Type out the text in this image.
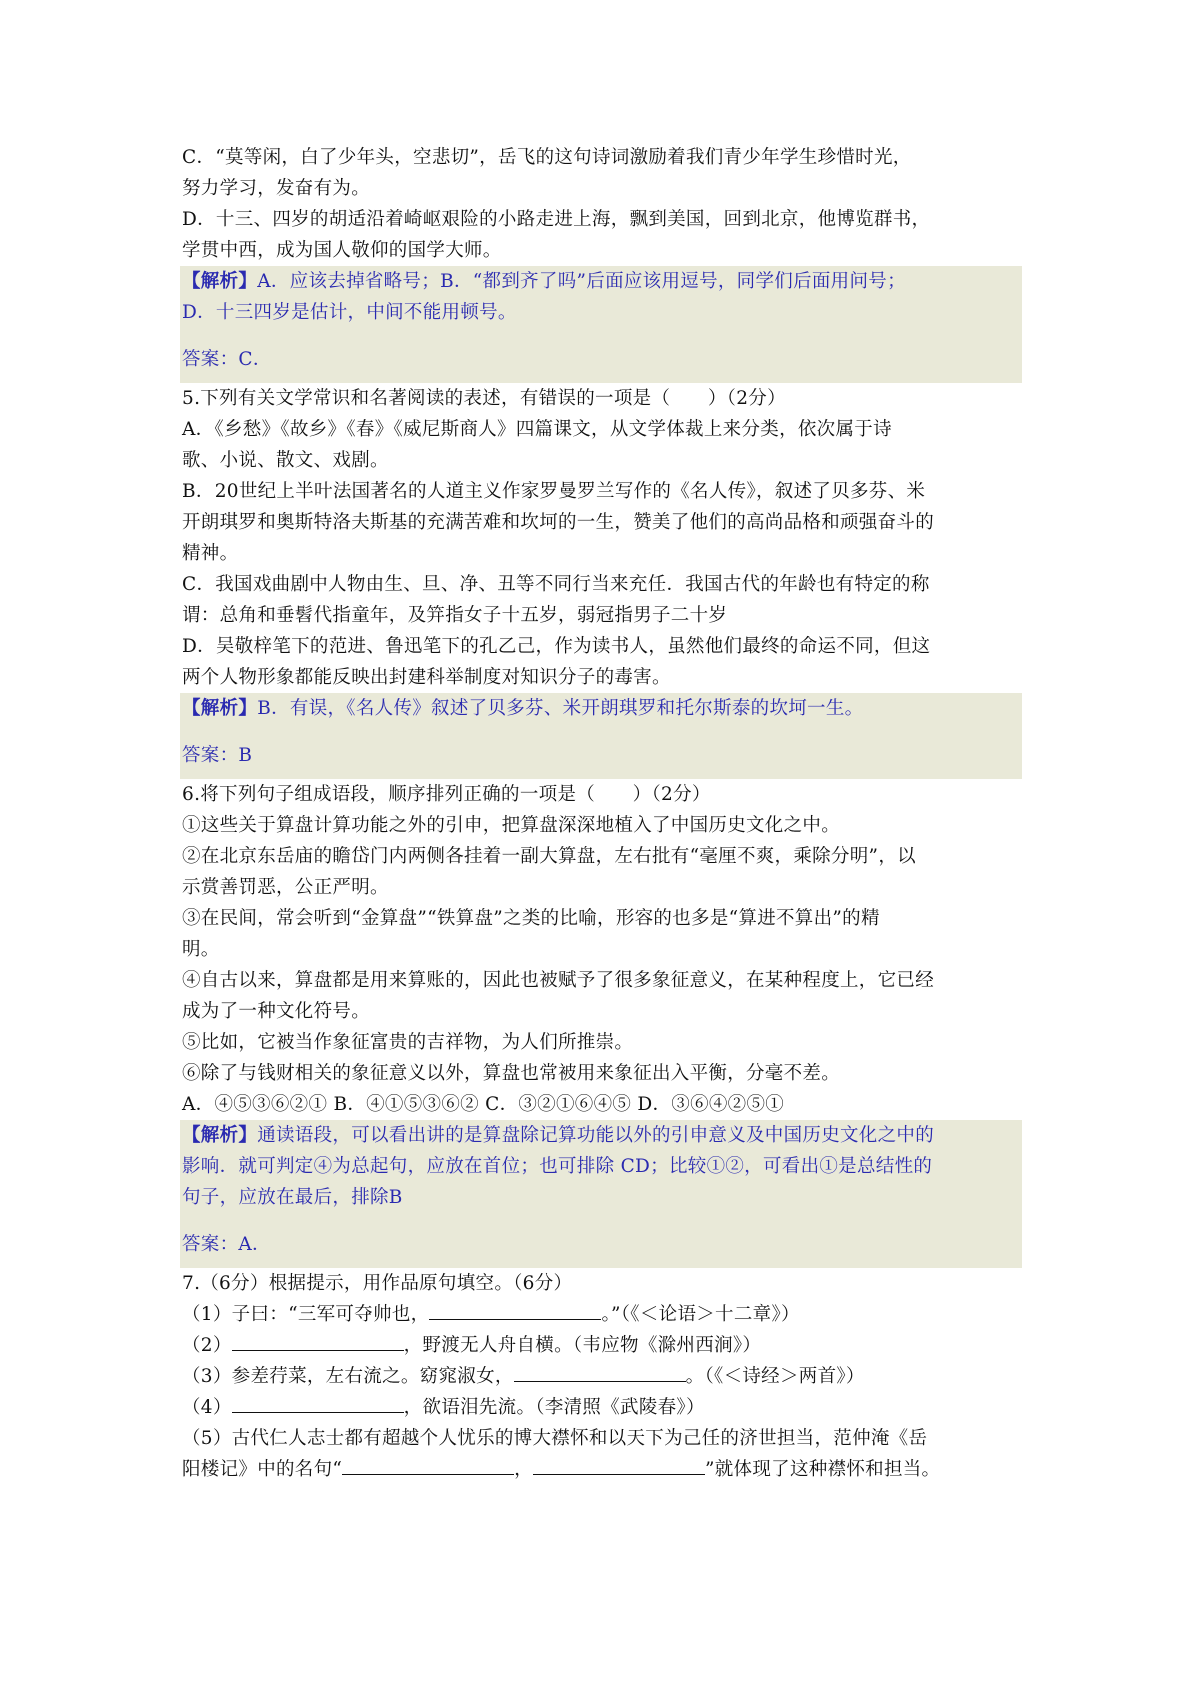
C．“莫等闲，白了少年头，空悲切”，岳飞的这句诗词激励着我们青少年学生珍惜时光，
努力学习，发奋有为。
D．十三、四岁的胡适沿着崎岖艰险的小路走进上海，飘到美国，回到北京，他博览群书，
学贯中西，成为国人敬仰的国学大师。
【解析】A．应该去掉省略号；B．“都到齐了吗”后面应该用逗号，同学们后面用问号；
D．十三四岁是估计，中间不能用顿号。
答案：C．
5.下列有关文学常识和名著阅读的表述，有错误的一项是（　　）（2分）
A．《乡愁》《故乡》《春》《威尼斯商人》四篇课文，从文学体裁上来分类，依次属于诗
歌、小说、散文、戏剧。
B．20世纪上半叶法国著名的人道主义作家罗曼罗兰写作的《名人传》，叙述了贝多芬、米
开朗琪罗和奥斯特洛夫斯基的充满苦难和坎坷的一生，赞美了他们的高尚品格和顽强奋斗的
精神。
C．我国戏曲剧中人物由生、旦、净、丑等不同行当来充任．我国古代的年龄也有特定的称
谓：总角和垂髫代指童年，及笄指女子十五岁，弱冠指男子二十岁
D．吴敬梓笔下的范进、鲁迅笔下的孔乙己，作为读书人，虽然他们最终的命运不同，但这
两个人物形象都能反映出封建科举制度对知识分子的毒害。
【解析】B．有误，《名人传》叙述了贝多芬、米开朗琪罗和托尔斯泰的坎坷一生。
答案：B
6.将下列句子组成语段，顺序排列正确的一项是（　　）（2分）
①这些关于算盘计算功能之外的引申，把算盘深深地植入了中国历史文化之中。
②在北京东岳庙的瞻岱门内两侧各挂着一副大算盘，左右批有“毫厘不爽，乘除分明”，以
示赏善罚恶，公正严明。
③在民间，常会听到“金算盘”“铁算盘”之类的比喻，形容的也多是“算进不算出”的精
明。
④自古以来，算盘都是用来算账的，因此也被赋予了很多象征意义，在某种程度上，它已经
成为了一种文化符号。
⑤比如，它被当作象征富贵的吉祥物，为人们所推崇。
⑥除了与钱财相关的象征意义以外，算盘也常被用来象征出入平衡，分毫不差。
A．④⑤③⑥②① B．④①⑤③⑥② C．③②①⑥④⑤ D．③⑥④②⑤①
【解析】通读语段，可以看出讲的是算盘除记算功能以外的引申意义及中国历史文化之中的
影响．就可判定④为总起句，应放在首位；也可排除 CD；比较①②，可看出①是总结性的
句子，应放在最后，排除B
答案：A．
7.（6分）根据提示，用作品原句填空。（6分）
（1）子曰：“三军可夺帅也，	。”（《＜论语＞十二章》）
（2）	，野渡无人舟自横。（韦应物《滁州西涧》）
（3）参差荇菜，左右流之。窈窕淑女，	。（《＜诗经＞两首》）
（4）	，欲语泪先流。（李清照《武陵春》）
（5）古代仁人志士都有超越个人忧乐的博大襟怀和以天下为己任的济世担当，范仲淹《岳
阳楼记》中的名句“	，	”就体现了这种襟怀和担当。
